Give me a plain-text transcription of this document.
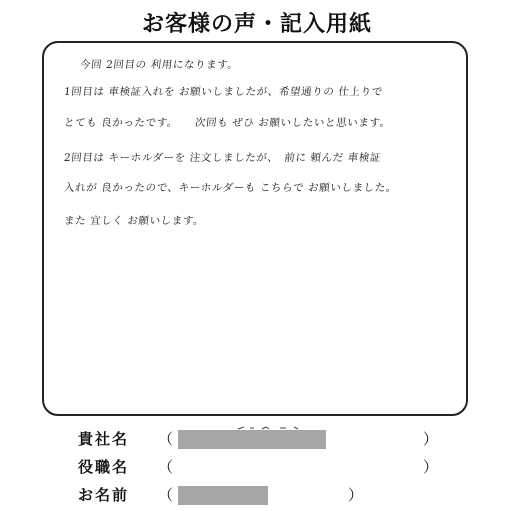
お客様の声・記入用紙
今回 2回目の 利用になります。
1回目は 車検証入れを お願いしましたが、希望通りの 仕上りで
とても 良かったです。　　次回も ぜひ お願いしたいと思います。
2回目は キーホルダーを 注文しましたが、　前に 頼んだ 車検証
入れが 良かったので、キーホルダーも こちらで お願いしました。
また 宜しく お願いします。
貴社名 （	）
役職名 （	）
お名前 （	）
